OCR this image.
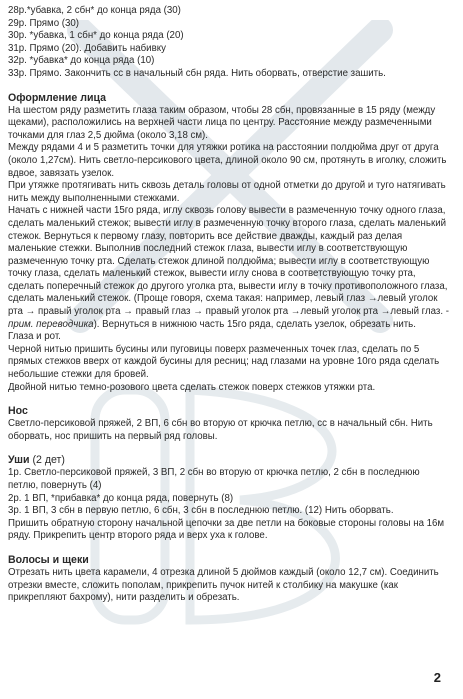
28р.*убавка, 2 сбн* до конца ряда (30)

29р. Прямо (30)

30р. *убавка, 1 сбн* до конца ряда (20)

31р. Прямо (20). Добавить набивку

32р. *убавка* до конца ряда (10)

33р. Прямо. Закончить сс в начальный сбн ряда. Нить оборвать, отверстие зашить.

Оформление лица

На шестом ряду разметить глаза таким образом, чтобы 28 сбн, провязанные в 15 ряду (между щеками), расположились на верхней части лица по центру. Расстояние между размеченными точками для глаз 2,5 дюйма (около 3,18 см).

Между рядами 4 и 5 разметить точки для утяжки ротика на расстоянии полдюйма друг от друга (около 1,27см). Нить светло-персикового цвета, длиной около 90 см, протянуть в иголку, сложить вдвое, завязать узелок.

При утяжке протягивать нить сквозь деталь головы от одной отметки до другой и туго натягивать нить между выполненными стежками.

Начать с нижней части 15го ряда, иглу сквозь голову вывести в размеченную точку одного глаза, сделать маленький стежок; вывести иглу в размеченную точку второго глаза, сделать маленький стежок. Вернуться к первому глазу, повторить все действие дважды, каждый раз делая маленькие стежки. Выполнив последний стежок глаза, вывести иглу в соответствующую размеченную точку рта. Сделать стежок длиной полдюйма; вывести иглу в соответствующую точку глаза, сделать маленький стежок, вывести иглу снова в соответствующую точку рта, сделать поперечный стежок до другого уголка рта, вывести иглу в точку противоположного глаза, сделать маленький стежок. (Проще говоря, схема такая: например, левый глаз →левый уголок рта → правый уголок рта → правый глаз → правый уголок рта →левый уголок рта →левый глаз. - прим. переводчика). Вернуться в нижнюю часть 15го ряда, сделать узелок, обрезать нить.

Глаза и рот.

Черной нитью пришить бусины или пуговицы поверх размеченных точек глаз, сделать по 5 прямых стежков вверх от каждой бусины для ресниц; над глазами на уровне 10го ряда сделать небольшие стежки для бровей.

Двойной нитью темно-розового цвета сделать стежок поверх стежков утяжки рта.

Нос

Светло-персиковой пряжей, 2 ВП, 6 сбн во вторую от крючка петлю, сс в начальный сбн. Нить оборвать, нос пришить на первый ряд головы.

Уши (2 дет)

1р. Светло-персиковой пряжей, 3 ВП, 2 сбн во вторую от крючка петлю, 2 сбн в последнюю петлю, повернуть (4)

2р. 1 ВП, *прибавка* до конца ряда, повернуть (8)

3р. 1 ВП, 3 сбн в первую петлю, 6 сбн, 3 сбн в последнюю петлю. (12) Нить оборвать.

Пришить обратную сторону начальной цепочки за две петли на боковые стороны головы на 16м ряду. Прикрепить центр второго ряда и верх уха к голове.

Волосы и щеки

Отрезать нить цвета карамели, 4 отрезка длиной 5 дюймов каждый (около 12,7 см). Соединить отрезки вместе, сложить пополам, прикрепить пучок нитей к столбику на макушке (как прикрепляют бахрому), нити разделить и обрезать.

2
